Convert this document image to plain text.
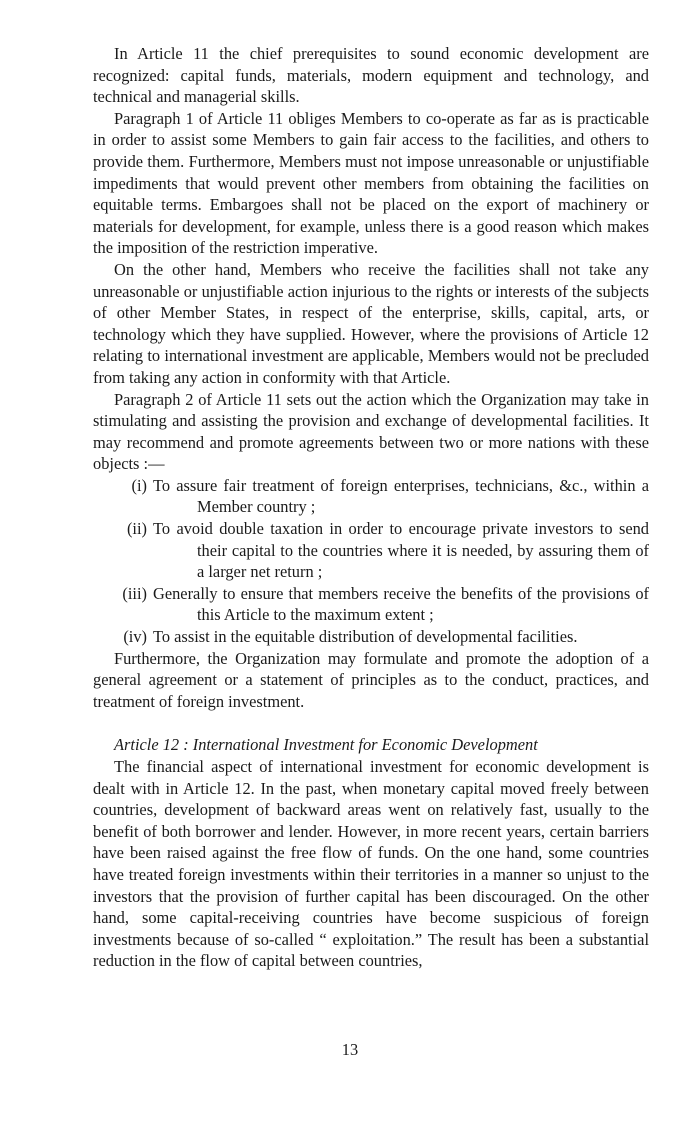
In Article 11 the chief prerequisites to sound economic development are recognized: capital funds, materials, modern equipment and technology, and technical and managerial skills.

Paragraph 1 of Article 11 obliges Members to co-operate as far as is practicable in order to assist some Members to gain fair access to the facilities, and others to provide them. Furthermore, Members must not impose unreasonable or unjustifiable impediments that would prevent other members from obtaining the facilities on equitable terms. Embargoes shall not be placed on the export of machinery or materials for development, for example, unless there is a good reason which makes the imposition of the restriction imperative.

On the other hand, Members who receive the facilities shall not take any unreasonable or unjustifiable action injurious to the rights or interests of the subjects of other Member States, in respect of the enterprise, skills, capital, arts, or technology which they have supplied. However, where the provisions of Article 12 relating to international investment are applicable, Members would not be precluded from taking any action in conformity with that Article.

Paragraph 2 of Article 11 sets out the action which the Organization may take in stimulating and assisting the provision and exchange of developmental facilities. It may recommend and promote agreements between two or more nations with these objects :—

(i) To assure fair treatment of foreign enterprises, technicians, &c., within a Member country ;
(ii) To avoid double taxation in order to encourage private investors to send their capital to the countries where it is needed, by assuring them of a larger net return ;
(iii) Generally to ensure that members receive the benefits of the provisions of this Article to the maximum extent ;
(iv) To assist in the equitable distribution of developmental facilities.

Furthermore, the Organization may formulate and promote the adoption of a general agreement or a statement of principles as to the conduct, practices, and treatment of foreign investment.

Article 12 : International Investment for Economic Development

The financial aspect of international investment for economic development is dealt with in Article 12. In the past, when monetary capital moved freely between countries, development of backward areas went on relatively fast, usually to the benefit of both borrower and lender. However, in more recent years, certain barriers have been raised against the free flow of funds. On the one hand, some countries have treated foreign investments within their territories in a manner so unjust to the investors that the provision of further capital has been discouraged. On the other hand, some capital-receiving countries have become suspicious of foreign investments because of so-called “ exploitation.” The result has been a substantial reduction in the flow of capital between countries,

13
